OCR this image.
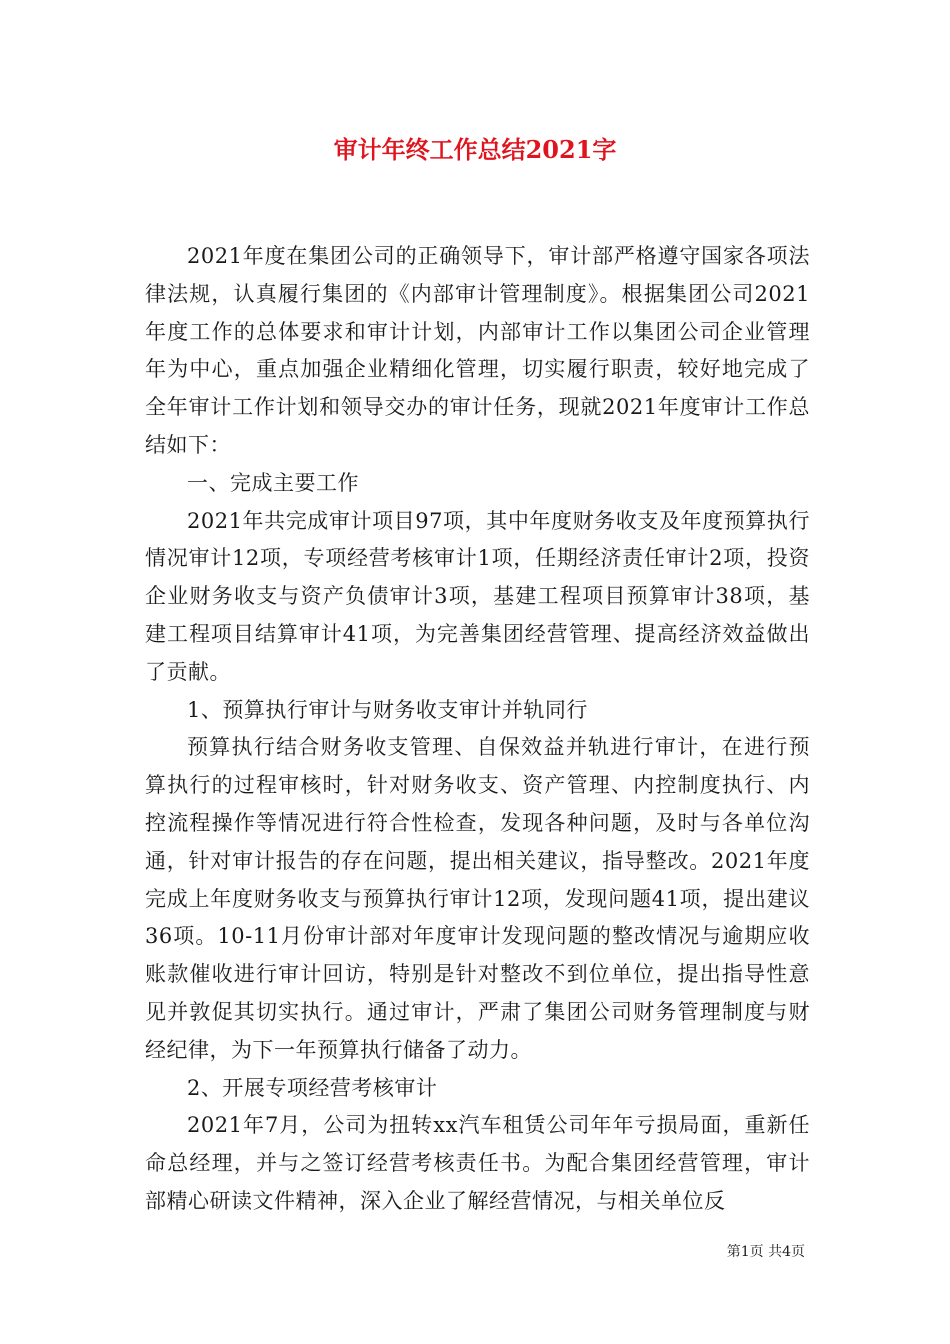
审计年终工作总结2021字

2021年度在集团公司的正确领导下，审计部严格遵守国家各项法律法规，认真履行集团的《内部审计管理制度》。根据集团公司2021年度工作的总体要求和审计计划，内部审计工作以集团公司企业管理年为中心，重点加强企业精细化管理，切实履行职责，较好地完成了全年审计工作计划和领导交办的审计任务，现就2021年度审计工作总结如下：

一、完成主要工作

2021年共完成审计项目97项，其中年度财务收支及年度预算执行情况审计12项，专项经营考核审计1项，任期经济责任审计2项，投资企业财务收支与资产负债审计3项，基建工程项目预算审计38项，基建工程项目结算审计41项，为完善集团经营管理、提高经济效益做出了贡献。

1、预算执行审计与财务收支审计并轨同行

预算执行结合财务收支管理、自保效益并轨进行审计，在进行预算执行的过程审核时，针对财务收支、资产管理、内控制度执行、内控流程操作等情况进行符合性检查，发现各种问题，及时与各单位沟通，针对审计报告的存在问题，提出相关建议，指导整改。2021年度完成上年度财务收支与预算执行审计12项，发现问题41项，提出建议36项。10-11月份审计部对年度审计发现问题的整改情况与逾期应收账款催收进行审计回访，特别是针对整改不到位单位，提出指导性意见并敦促其切实执行。通过审计，严肃了集团公司财务管理制度与财经纪律，为下一年预算执行储备了动力。

2、开展专项经营考核审计

2021年7月，公司为扭转xx汽车租赁公司年年亏损局面，重新任命总经理，并与之签订经营考核责任书。为配合集团经营管理，审计部精心研读文件精神，深入企业了解经营情况，与相关单位反

第1页 共4页
